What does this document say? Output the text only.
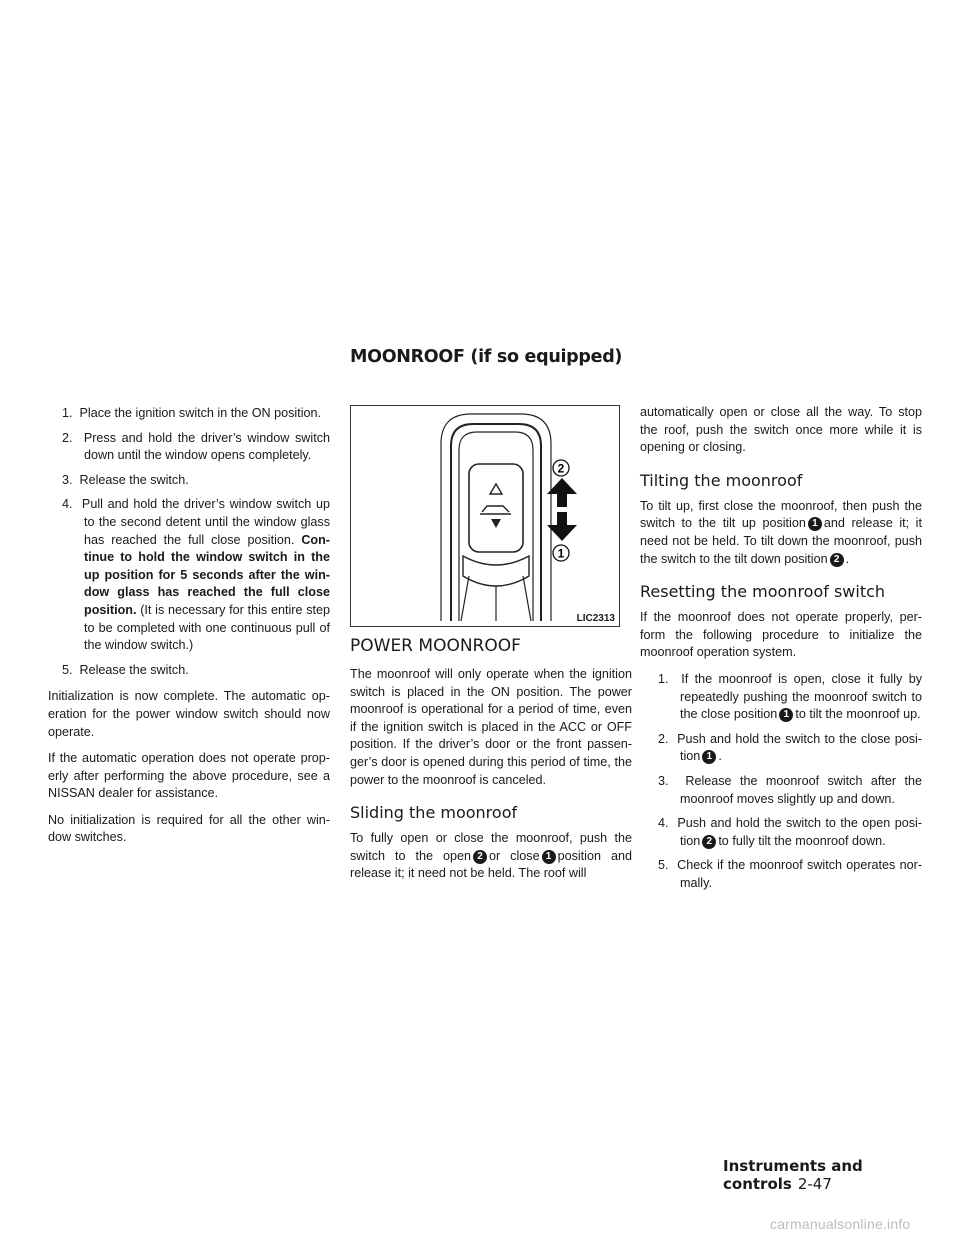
MOONROOF (if so equipped)
1. Place the ignition switch in the ON position.
2. Press and hold the driver’s window switch down until the window opens completely.
3. Release the switch.
4. Pull and hold the driver’s window switch up to the second detent until the window glass has reached the full close position. Con-tinue to hold the window switch in the up position for 5 seconds after the win-dow glass has reached the full close position. (It is necessary for this entire step to be completed with one continuous pull of the window switch.)
5. Release the switch.

Initialization is now complete. The automatic op-eration for the power window switch should now operate.

If the automatic operation does not operate prop-erly after performing the above procedure, see a NISSAN dealer for assistance.

No initialization is required for all the other win-dow switches.

2
1
LIC2313
POWER MOONROOF

The moonroof will only operate when the ignition switch is placed in the ON position. The power moonroof is operational for a period of time, even if the ignition switch is placed in the ACC or OFF position. If the driver’s door or the front passen-ger’s door is opened during this period of time, the power to the moonroof is canceled.

Sliding the moonroof

To fully open or close the moonroof, push the switch to the open 2 or close 1 position and release it; it need not be held. The roof will

automatically open or close all the way. To stop the roof, push the switch once more while it is opening or closing.

Tilting the moonroof

To tilt up, first close the moonroof, then push the switch to the tilt up position 1 and release it; it need not be held. To tilt down the moonroof, push the switch to the tilt down position 2 .

Resetting the moonroof switch

If the moonroof does not operate properly, per-form the following procedure to initialize the moonroof operation system.

1. If the moonroof is open, close it fully by repeatedly pushing the moonroof switch to the close position 1 to tilt the moonroof up.
2. Push and hold the switch to the close posi-tion 1 .
3. Release the moonroof switch after the moonroof moves slightly up and down.
4. Push and hold the switch to the open posi-tion 2 to fully tilt the moonroof down.
5. Check if the moonroof switch operates nor-mally.
Instruments and controls 2-47
carmanualsonline.info
